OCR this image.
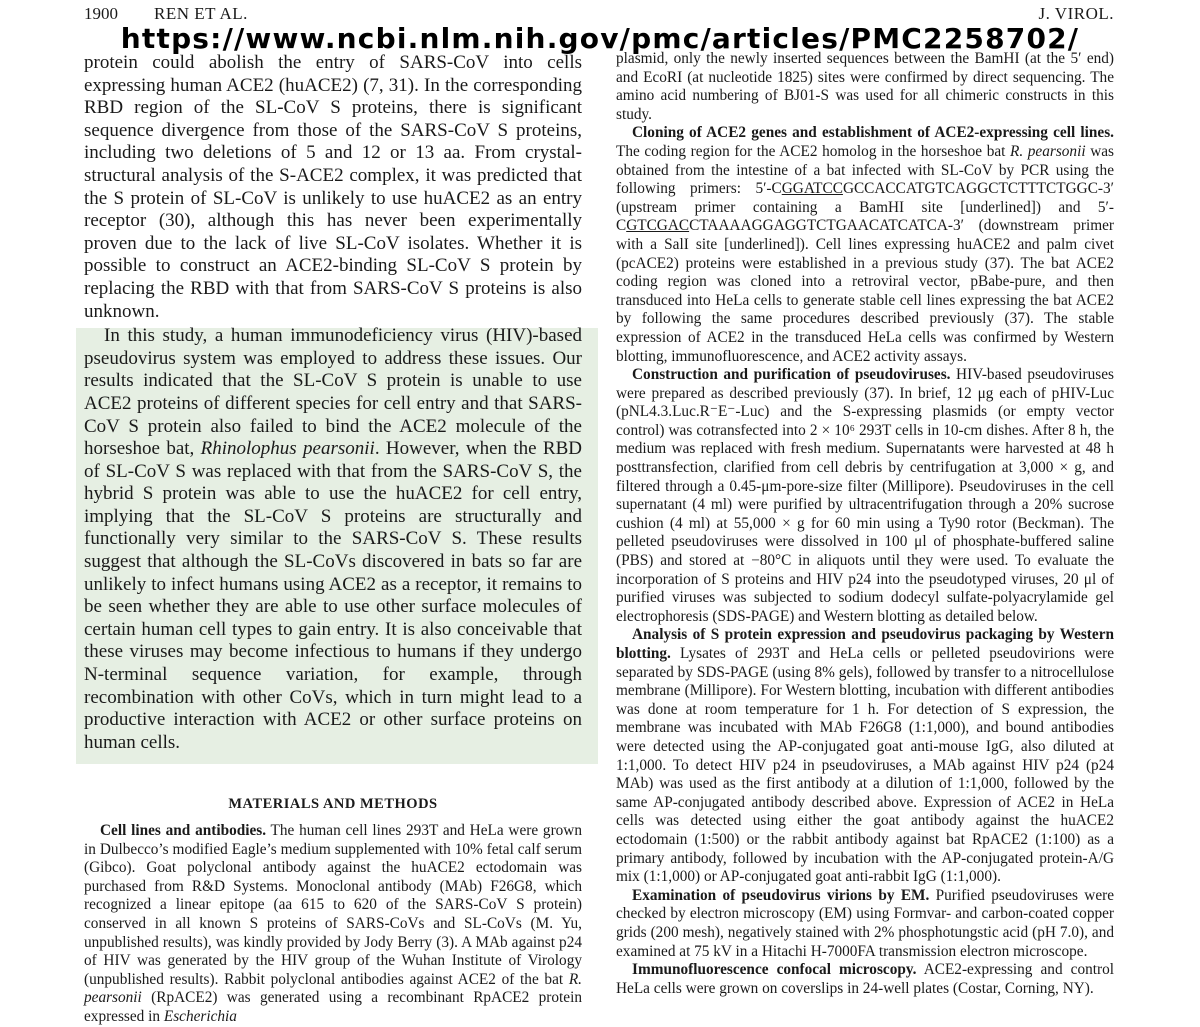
1900 REN ET AL.	J. VIROL.
https://www.ncbi.nlm.nih.gov/pmc/articles/PMC2258702/

protein could abolish the entry of SARS-CoV into cells expressing human ACE2 (huACE2) (7, 31). In the corresponding RBD region of the SL-CoV S proteins, there is significant sequence divergence from those of the SARS-CoV S proteins, including two deletions of 5 and 12 or 13 aa. From crystal-structural analysis of the S-ACE2 complex, it was predicted that the S protein of SL-CoV is unlikely to use huACE2 as an entry receptor (30), although this has never been experimentally proven due to the lack of live SL-CoV isolates. Whether it is possible to construct an ACE2-binding SL-CoV S protein by replacing the RBD with that from SARS-CoV S proteins is also unknown.

In this study, a human immunodeficiency virus (HIV)-based pseudovirus system was employed to address these issues. Our results indicated that the SL-CoV S protein is unable to use ACE2 proteins of different species for cell entry and that SARS-CoV S protein also failed to bind the ACE2 molecule of the horseshoe bat, Rhinolophus pearsonii. However, when the RBD of SL-CoV S was replaced with that from the SARS-CoV S, the hybrid S protein was able to use the huACE2 for cell entry, implying that the SL-CoV S proteins are structurally and functionally very similar to the SARS-CoV S. These results suggest that although the SL-CoVs discovered in bats so far are unlikely to infect humans using ACE2 as a receptor, it remains to be seen whether they are able to use other surface molecules of certain human cell types to gain entry. It is also conceivable that these viruses may become infectious to humans if they undergo N-terminal sequence variation, for example, through recombination with other CoVs, which in turn might lead to a productive interaction with ACE2 or other surface proteins on human cells.

MATERIALS AND METHODS

Cell lines and antibodies. The human cell lines 293T and HeLa were grown in Dulbecco’s modified Eagle’s medium supplemented with 10% fetal calf serum (Gibco). Goat polyclonal antibody against the huACE2 ectodomain was purchased from R&D Systems. Monoclonal antibody (MAb) F26G8, which recognized a linear epitope (aa 615 to 620 of the SARS-CoV S protein) conserved in all known S proteins of SARS-CoVs and SL-CoVs (M. Yu, unpublished results), was kindly provided by Jody Berry (3). A MAb against p24 of HIV was generated by the HIV group of the Wuhan Institute of Virology (unpublished results). Rabbit polyclonal antibodies against ACE2 of the bat R. pearsonii (RpACE2) was generated using a recombinant RpACE2 protein expressed in Escherichia

plasmid, only the newly inserted sequences between the BamHI (at the 5′ end) and EcoRI (at nucleotide 1825) sites were confirmed by direct sequencing. The amino acid numbering of BJ01-S was used for all chimeric constructs in this study.

Cloning of ACE2 genes and establishment of ACE2-expressing cell lines. The coding region for the ACE2 homolog in the horseshoe bat R. pearsonii was obtained from the intestine of a bat infected with SL-CoV by PCR using the following primers: 5′-CGGATCCGCCACCATGTCAGGCTCTTTCTGGC-3′ (upstream primer containing a BamHI site [underlined]) and 5′-CGTCGACCTAAAAGGAGGTCTGAACATCATCA-3′ (downstream primer with a SalI site [underlined]). Cell lines expressing huACE2 and palm civet (pcACE2) proteins were established in a previous study (37). The bat ACE2 coding region was cloned into a retroviral vector, pBabe-pure, and then transduced into HeLa cells to generate stable cell lines expressing the bat ACE2 by following the same procedures described previously (37). The stable expression of ACE2 in the transduced HeLa cells was confirmed by Western blotting, immunofluorescence, and ACE2 activity assays.

Construction and purification of pseudoviruses. HIV-based pseudoviruses were prepared as described previously (37). In brief, 12 μg each of pHIV-Luc (pNL4.3.Luc.R⁻E⁻-Luc) and the S-expressing plasmids (or empty vector control) was cotransfected into 2 × 10⁶ 293T cells in 10-cm dishes. After 8 h, the medium was replaced with fresh medium. Supernatants were harvested at 48 h posttransfection, clarified from cell debris by centrifugation at 3,000 × g, and filtered through a 0.45-μm-pore-size filter (Millipore). Pseudoviruses in the cell supernatant (4 ml) were purified by ultracentrifugation through a 20% sucrose cushion (4 ml) at 55,000 × g for 60 min using a Ty90 rotor (Beckman). The pelleted pseudoviruses were dissolved in 100 μl of phosphate-buffered saline (PBS) and stored at −80°C in aliquots until they were used. To evaluate the incorporation of S proteins and HIV p24 into the pseudotyped viruses, 20 μl of purified viruses was subjected to sodium dodecyl sulfate-polyacrylamide gel electrophoresis (SDS-PAGE) and Western blotting as detailed below.

Analysis of S protein expression and pseudovirus packaging by Western blotting. Lysates of 293T and HeLa cells or pelleted pseudovirions were separated by SDS-PAGE (using 8% gels), followed by transfer to a nitrocellulose membrane (Millipore). For Western blotting, incubation with different antibodies was done at room temperature for 1 h. For detection of S expression, the membrane was incubated with MAb F26G8 (1:1,000), and bound antibodies were detected using the AP-conjugated goat anti-mouse IgG, also diluted at 1:1,000. To detect HIV p24 in pseudoviruses, a MAb against HIV p24 (p24 MAb) was used as the first antibody at a dilution of 1:1,000, followed by the same AP-conjugated antibody described above. Expression of ACE2 in HeLa cells was detected using either the goat antibody against the huACE2 ectodomain (1:500) or the rabbit antibody against bat RpACE2 (1:100) as a primary antibody, followed by incubation with the AP-conjugated protein-A/G mix (1:1,000) or AP-conjugated goat anti-rabbit IgG (1:1,000).

Examination of pseudovirus virions by EM. Purified pseudoviruses were checked by electron microscopy (EM) using Formvar- and carbon-coated copper grids (200 mesh), negatively stained with 2% phosphotungstic acid (pH 7.0), and examined at 75 kV in a Hitachi H-7000FA transmission electron microscope.

Immunofluorescence confocal microscopy. ACE2-expressing and control HeLa cells were grown on coverslips in 24-well plates (Costar, Corning, NY).
